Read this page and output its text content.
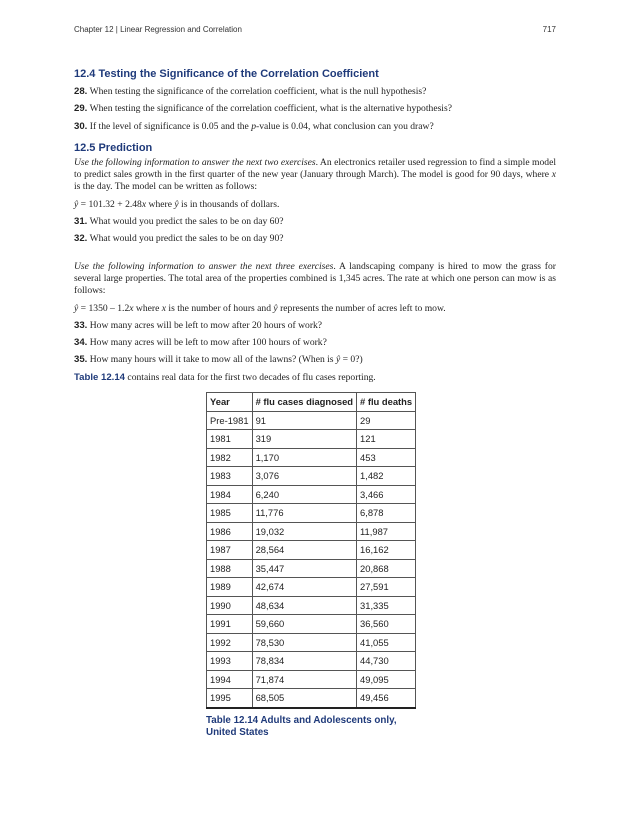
Chapter 12 | Linear Regression and Correlation	717
12.4 Testing the Significance of the Correlation Coefficient

28. When testing the significance of the correlation coefficient, what is the null hypothesis?

29. When testing the significance of the correlation coefficient, what is the alternative hypothesis?

30. If the level of significance is 0.05 and the p-value is 0.04, what conclusion can you draw?

12.5 Prediction

Use the following information to answer the next two exercises. An electronics retailer used regression to find a simple model to predict sales growth in the first quarter of the new year (January through March). The model is good for 90 days, where x is the day. The model can be written as follows:

ŷ = 101.32 + 2.48x where ŷ is in thousands of dollars.

31. What would you predict the sales to be on day 60?

32. What would you predict the sales to be on day 90?

Use the following information to answer the next three exercises. A landscaping company is hired to mow the grass for several large properties. The total area of the properties combined is 1,345 acres. The rate at which one person can mow is as follows:

ŷ = 1350 – 1.2x where x is the number of hours and ŷ represents the number of acres left to mow.

33. How many acres will be left to mow after 20 hours of work?

34. How many acres will be left to mow after 100 hours of work?

35. How many hours will it take to mow all of the lawns? (When is ŷ = 0?)

Table 12.14 contains real data for the first two decades of flu cases reporting.

Year	# flu cases diagnosed	# flu deaths
Pre-1981	91	29
1981	319	121
1982	1,170	453
1983	3,076	1,482
1984	6,240	3,466
1985	11,776	6,878
1986	19,032	11,987
1987	28,564	16,162
1988	35,447	20,868
1989	42,674	27,591
1990	48,634	31,335
1991	59,660	36,560
1992	78,530	41,055
1993	78,834	44,730
1994	71,874	49,095
1995	68,505	49,456
Table 12.14 Adults and Adolescents only, United States
